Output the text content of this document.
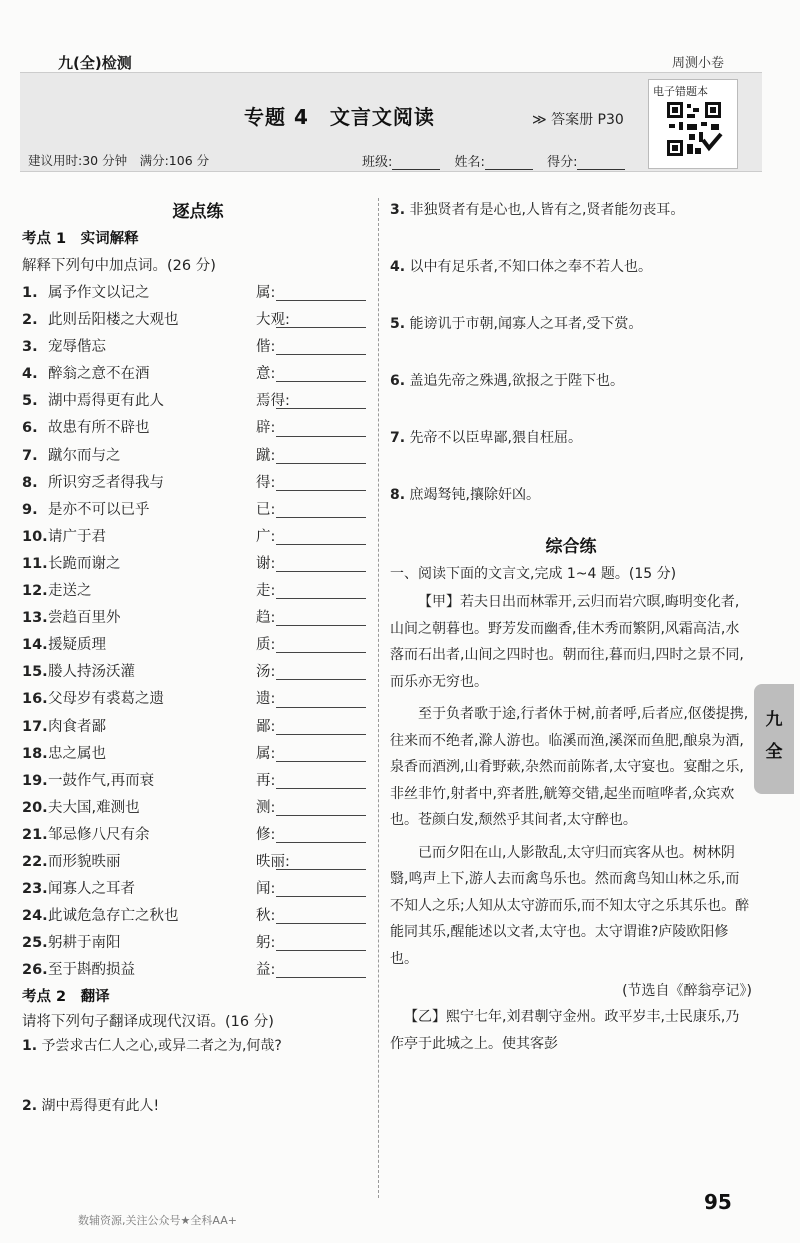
九(全)检测	周测小卷
专题 4　文言文阅读	≫ 答案册 P30
电子错题本
建议用时:30 分钟　满分:106 分	班级:	姓名:	得分:
逐点练
考点 1　实词解释
解释下列句中加点词。(26 分)
1. 属予作文以记之	属:
2. 此则岳阳楼之大观也	大观:
3. 宠辱偕忘	偕:
4. 醉翁之意不在酒	意:
5. 湖中焉得更有此人	焉得:
6. 故患有所不辟也	辟:
7. 蹴尔而与之	蹴:
8. 所识穷乏者得我与	得:
9. 是亦不可以已乎	已:
10.请广于君	广:
11.长跪而谢之	谢:
12.走送之	走:
13.尝趋百里外	趋:
14.援疑质理	质:
15.媵人持汤沃灌	汤:
16.父母岁有裘葛之遗	遗:
17.肉食者鄙	鄙:
18.忠之属也	属:
19.一鼓作气,再而衰	再:
20.夫大国,难测也	测:
21.邹忌修八尺有余	修:
22.而形貌昳丽	昳丽:
23.闻寡人之耳者	闻:
24.此诚危急存亡之秋也	秋:
25.躬耕于南阳	躬:
26.至于斟酌损益	益:
考点 2　翻译
请将下列句子翻译成现代汉语。(16 分)
1. 予尝求古仁人之心,或异二者之为,何哉?
2. 湖中焉得更有此人!
3. 非独贤者有是心也,人皆有之,贤者能勿丧耳。
4. 以中有足乐者,不知口体之奉不若人也。
5. 能谤讥于市朝,闻寡人之耳者,受下赏。
6. 盖追先帝之殊遇,欲报之于陛下也。
7. 先帝不以臣卑鄙,猥自枉屈。
8. 庶竭驽钝,攘除奸凶。
综合练
一、阅读下面的文言文,完成 1~4 题。(15 分)
【甲】若夫日出而林霏开,云归而岩穴暝,晦明变化者,山间之朝暮也。野芳发而幽香,佳木秀而繁阴,风霜高洁,水落而石出者,山间之四时也。朝而往,暮而归,四时之景不同,而乐亦无穷也。
至于负者歌于途,行者休于树,前者呼,后者应,伛偻提携,往来而不绝者,滁人游也。临溪而渔,溪深而鱼肥,酿泉为酒,泉香而酒洌,山肴野蔌,杂然而前陈者,太守宴也。宴酣之乐,非丝非竹,射者中,弈者胜,觥筹交错,起坐而喧哗者,众宾欢也。苍颜白发,颓然乎其间者,太守醉也。
已而夕阳在山,人影散乱,太守归而宾客从也。树林阴翳,鸣声上下,游人去而禽鸟乐也。然而禽鸟知山林之乐,而不知人之乐;人知从太守游而乐,而不知太守之乐其乐也。醉能同其乐,醒能述以文者,太守也。太守谓谁?庐陵欧阳修也。
(节选自《醉翁亭记》)
【乙】熙宁七年,刘君剸守金州。政平岁丰,士民康乐,乃作亭于此城之上。使其客彭
九
全
95
数辅资源,关注公众号★全科AA+
